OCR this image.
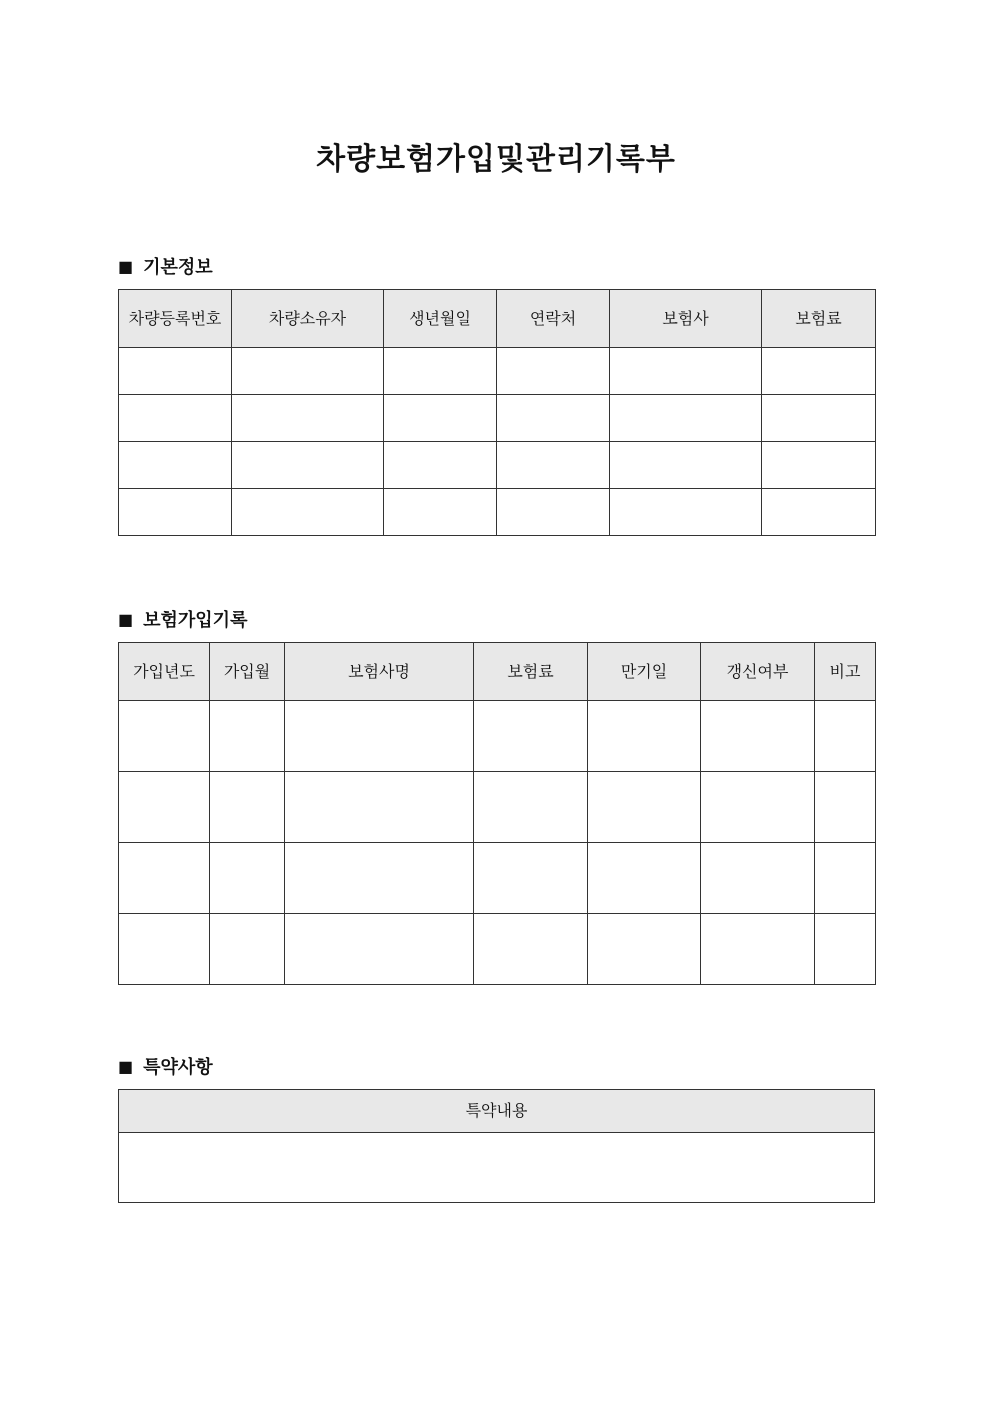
차량보험가입및관리기록부
■ 기본정보
차량등록번호	차량소유자	생년월일	연락처	보험사	보험료

■ 보험가입기록
가입년도	가입월	보험사명	보험료	만기일	갱신여부	비고

■ 특약사항
특약내용
